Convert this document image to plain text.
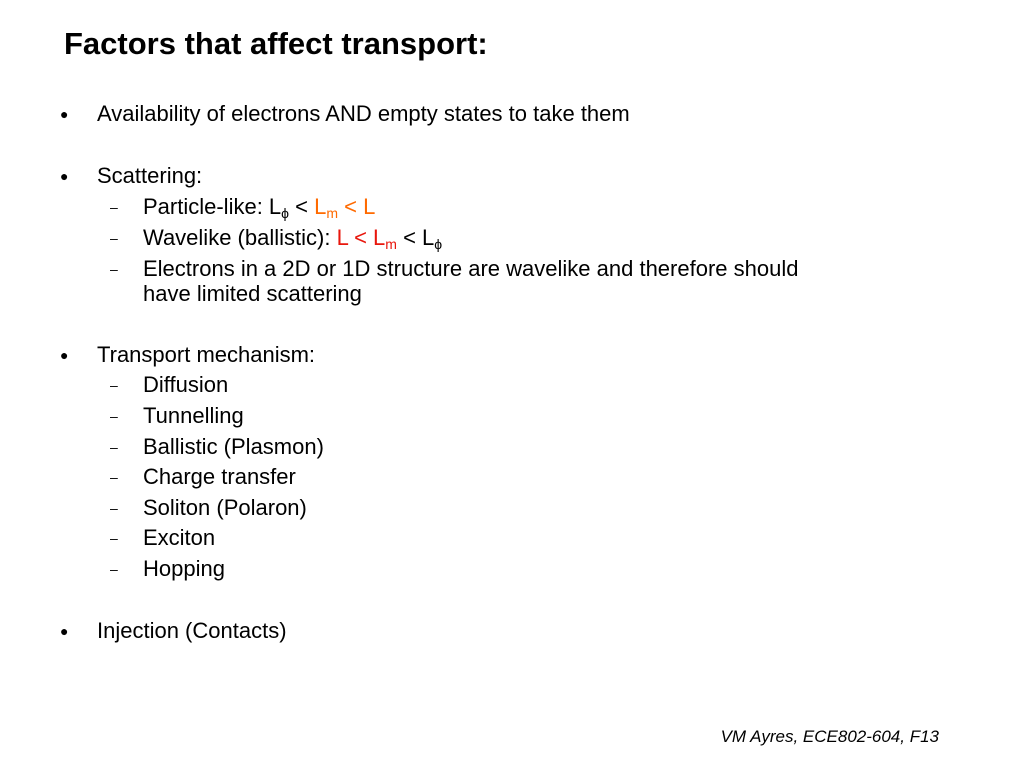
Factors that affect transport:
● Availability of electrons AND empty states to take them
● Scattering:
– Particle-like: Lϕ < Lm < L
– Wavelike (ballistic): L < Lm < Lϕ
– Electrons in a 2D or 1D structure are wavelike and therefore should
have limited scattering
● Transport mechanism:
– Diffusion
– Tunnelling
– Ballistic (Plasmon)
– Charge transfer
– Soliton (Polaron)
– Exciton
– Hopping
● Injection (Contacts)
VM Ayres, ECE802-604, F13
